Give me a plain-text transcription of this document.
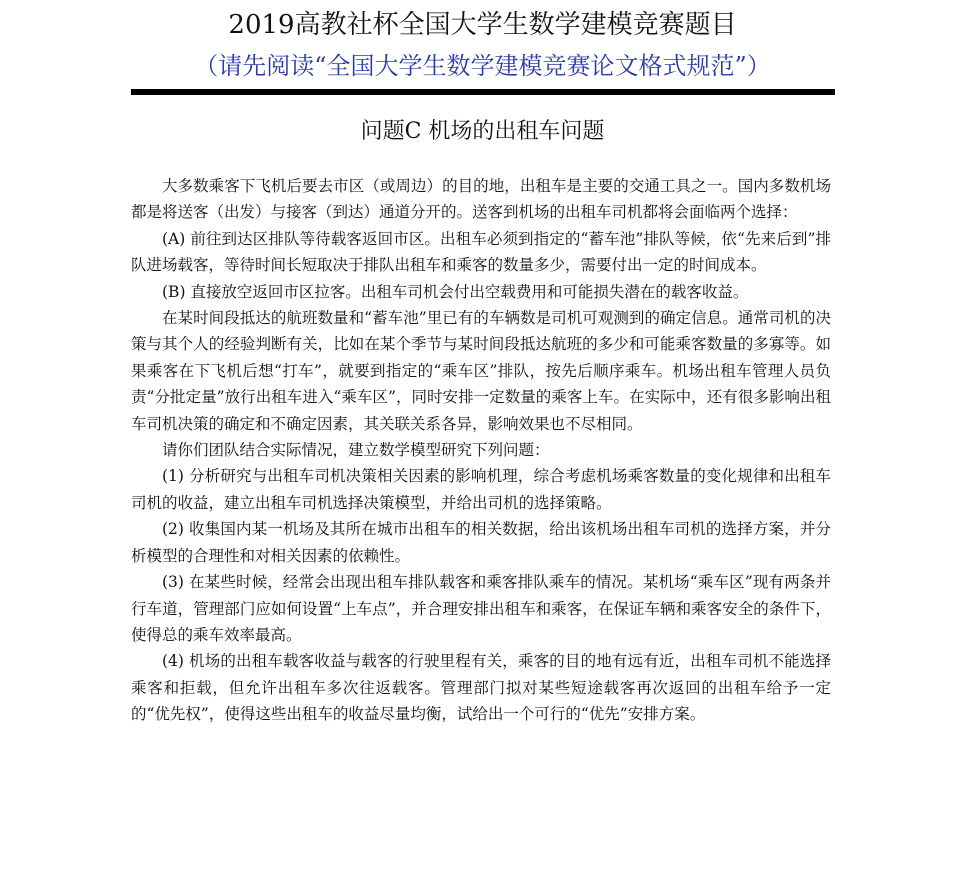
2019高教社杯全国大学生数学建模竞赛题目
（请先阅读“全国大学生数学建模竞赛论文格式规范”）
问题C 机场的出租车问题

大多数乘客下飞机后要去市区（或周边）的目的地，出租车是主要的交通工具之一。国内多数机场都是将送客（出发）与接客（到达）通道分开的。送客到机场的出租车司机都将会面临两个选择：

(A) 前往到达区排队等待载客返回市区。出租车必须到指定的“蓄车池”排队等候，依“先来后到”排队进场载客，等待时间长短取决于排队出租车和乘客的数量多少，需要付出一定的时间成本。

(B) 直接放空返回市区拉客。出租车司机会付出空载费用和可能损失潜在的载客收益。

在某时间段抵达的航班数量和“蓄车池”里已有的车辆数是司机可观测到的确定信息。通常司机的决策与其个人的经验判断有关，比如在某个季节与某时间段抵达航班的多少和可能乘客数量的多寡等。如果乘客在下飞机后想“打车”，就要到指定的“乘车区”排队，按先后顺序乘车。机场出租车管理人员负责“分批定量”放行出租车进入“乘车区”，同时安排一定数量的乘客上车。在实际中，还有很多影响出租车司机决策的确定和不确定因素，其关联关系各异，影响效果也不尽相同。

请你们团队结合实际情况，建立数学模型研究下列问题：

(1) 分析研究与出租车司机决策相关因素的影响机理，综合考虑机场乘客数量的变化规律和出租车司机的收益，建立出租车司机选择决策模型，并给出司机的选择策略。

(2) 收集国内某一机场及其所在城市出租车的相关数据，给出该机场出租车司机的选择方案，并分析模型的合理性和对相关因素的依赖性。

(3) 在某些时候，经常会出现出租车排队载客和乘客排队乘车的情况。某机场“乘车区”现有两条并行车道，管理部门应如何设置“上车点”，并合理安排出租车和乘客，在保证车辆和乘客安全的条件下，使得总的乘车效率最高。

(4) 机场的出租车载客收益与载客的行驶里程有关，乘客的目的地有远有近，出租车司机不能选择乘客和拒载，但允许出租车多次往返载客。管理部门拟对某些短途载客再次返回的出租车给予一定的“优先权”，使得这些出租车的收益尽量均衡，试给出一个可行的“优先”安排方案。
